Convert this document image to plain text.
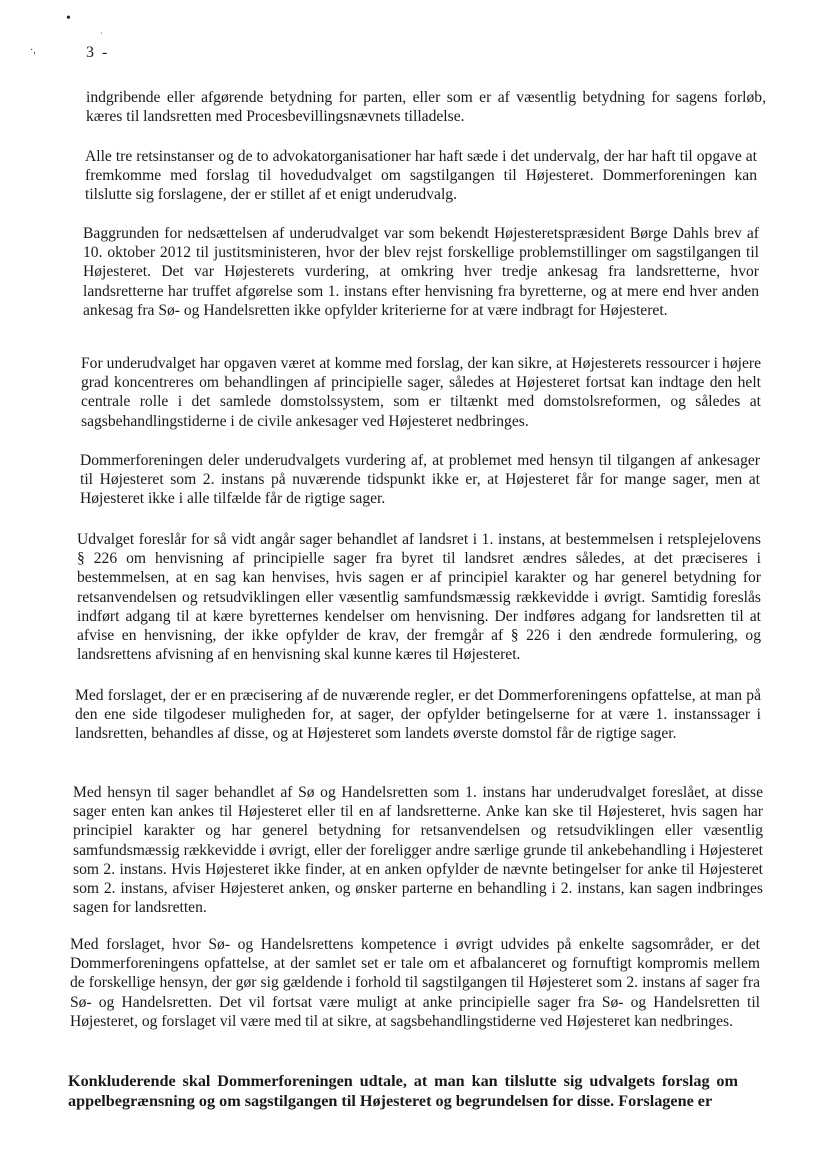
•
·
·,	3 -

indgribende eller afgørende betydning for parten, eller som er af væsentlig betydning for sagens forløb, kæres til landsretten med Procesbevillingsnævnets tilladelse.

Alle tre retsinstanser og de to advokatorganisationer har haft sæde i det undervalg, der har haft til opgave at fremkomme med forslag til hovedudvalget om sagstilgangen til Højesteret. Dommerforeningen kan tilslutte sig forslagene, der er stillet af et enigt underudvalg.

Baggrunden for nedsættelsen af underudvalget var som bekendt Højesteretspræsident Børge Dahls brev af 10. oktober 2012 til justitsministeren, hvor der blev rejst forskellige problemstillinger om sagstilgangen til Højesteret. Det var Højesterets vurdering, at omkring hver tredje ankesag fra landsretterne, hvor landsretterne har truffet afgørelse som 1. instans efter henvisning fra byretterne, og at mere end hver anden ankesag fra Sø- og Handelsretten ikke opfylder kriterierne for at være indbragt for Højesteret.

For underudvalget har opgaven været at komme med forslag, der kan sikre, at Højesterets ressourcer i højere grad koncentreres om behandlingen af principielle sager, således at Højesteret fortsat kan indtage den helt centrale rolle i det samlede domstolssystem, som er tiltænkt med domstolsreformen, og således at sagsbehandlingstiderne i de civile ankesager ved Højesteret nedbringes.

Dommerforeningen deler underudvalgets vurdering af, at problemet med hensyn til tilgangen af ankesager til Højesteret som 2. instans på nuværende tidspunkt ikke er, at Højesteret får for mange sager, men at Højesteret ikke i alle tilfælde får de rigtige sager.

Udvalget foreslår for så vidt angår sager behandlet af landsret i 1. instans, at bestemmelsen i retsplejelovens § 226 om henvisning af principielle sager fra byret til landsret ændres således, at det præciseres i bestemmelsen, at en sag kan henvises, hvis sagen er af principiel karakter og har generel betydning for retsanvendelsen og retsudviklingen eller væsentlig samfundsmæssig rækkevidde i øvrigt. Samtidig foreslås indført adgang til at kære byretternes kendelser om henvisning. Der indføres adgang for landsretten til at afvise en henvisning, der ikke opfylder de krav, der fremgår af § 226 i den ændrede formulering, og landsrettens afvisning af en henvisning skal kunne kæres til Højesteret.

Med forslaget, der er en præcisering af de nuværende regler, er det Dommerforeningens opfattelse, at man på den ene side tilgodeser muligheden for, at sager, der opfylder betingelserne for at være 1. instanssager i landsretten, behandles af disse, og at Højesteret som landets øverste domstol får de rigtige sager.

Med hensyn til sager behandlet af Sø og Handelsretten som 1. instans har underudvalget foreslået, at disse sager enten kan ankes til Højesteret eller til en af landsretterne. Anke kan ske til Højesteret, hvis sagen har principiel karakter og har generel betydning for retsanvendelsen og retsudviklingen eller væsentlig samfundsmæssig rækkevidde i øvrigt, eller der foreligger andre særlige grunde til ankebehandling i Højesteret som 2. instans. Hvis Højesteret ikke finder, at en anken opfylder de nævnte betingelser for anke til Højesteret som 2. instans, afviser Højesteret anken, og ønsker parterne en behandling i 2. instans, kan sagen indbringes sagen for landsretten.

Med forslaget, hvor Sø- og Handelsrettens kompetence i øvrigt udvides på enkelte sagsområder, er det Dommerforeningens opfattelse, at der samlet set er tale om et afbalanceret og fornuftigt kompromis mellem de forskellige hensyn, der gør sig gældende i forhold til sagstilgangen til Højesteret som 2. instans af sager fra Sø- og Handelsretten. Det vil fortsat være muligt at anke principielle sager fra Sø- og Handelsretten til Højesteret, og forslaget vil være med til at sikre, at sagsbehandlingstiderne ved Højesteret kan nedbringes.

Konkluderende skal Dommerforeningen udtale, at man kan tilslutte sig udvalgets forslag om appelbegrænsning og om sagstilgangen til Højesteret og begrundelsen for disse. Forslagene er
